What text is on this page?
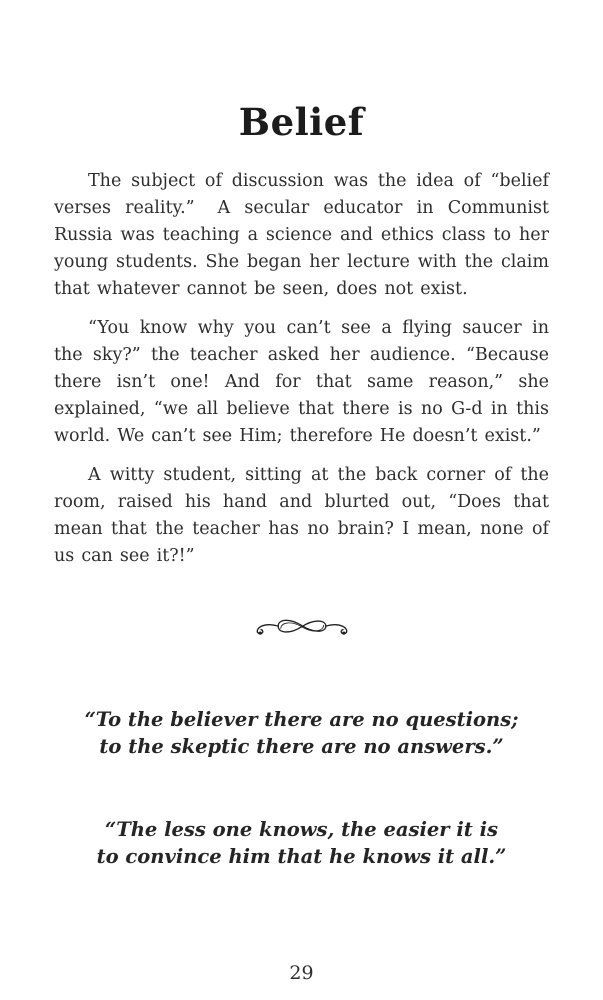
Belief

The subject of discussion was the idea of “belief verses reality.”  A secular educator in Communist Russia was teaching a science and ethics class to her young students. She began her lecture with the claim that whatever cannot be seen, does not exist.

“You know why you can’t see a flying saucer in the sky?” the teacher asked her audience. “Because there isn’t one! And for that same reason,” she explained, “we all believe that there is no G-d in this world. We can’t see Him; therefore He doesn’t exist.”

A witty student, sitting at the back corner of the room, raised his hand and blurted out, “Does that mean that the teacher has no brain? I mean, none of us can see it?!”

“To the believer there are no questions;
to the skeptic there are no answers.”
“The less one knows, the easier it is
to convince him that he knows it all.”
29
